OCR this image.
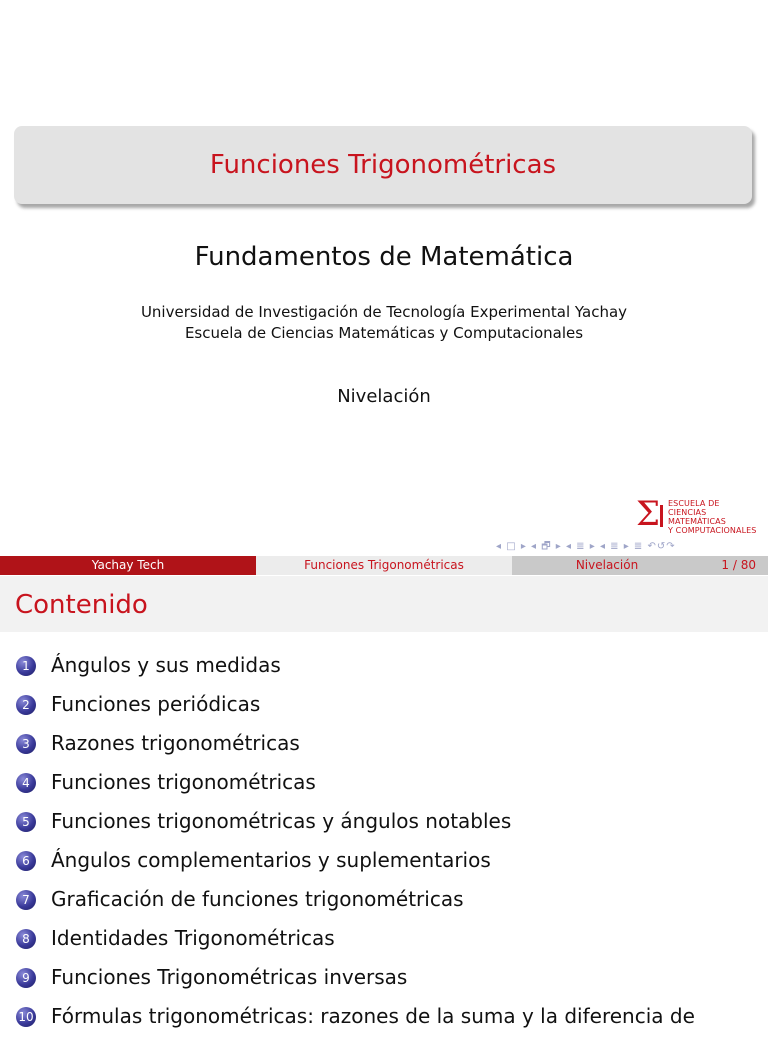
Funciones Trigonométricas
Fundamentos de Matemática
Universidad de Investigación de Tecnología Experimental Yachay
Escuela de Ciencias Matemáticas y Computacionales
Nivelación
Σ ESCUELA DE
CIENCIAS MATEMÁTICAS
Y COMPUTACIONALES
◂ □ ▸ ◂ 🗗 ▸ ◂ ≣ ▸ ◂ ≣ ▸ ≣ ↶↺↷
Yachay Tech	Funciones Trigonométricas	Nivelación	1 / 80
Contenido
1	Ángulos y sus medidas
2	Funciones periódicas
3	Razones trigonométricas
4	Funciones trigonométricas
5	Funciones trigonométricas y ángulos notables
6	Ángulos complementarios y suplementarios
7	Graficación de funciones trigonométricas
8	Identidades Trigonométricas
9	Funciones Trigonométricas inversas
10 Fórmulas trigonométricas: razones de la suma y la diferencia de
